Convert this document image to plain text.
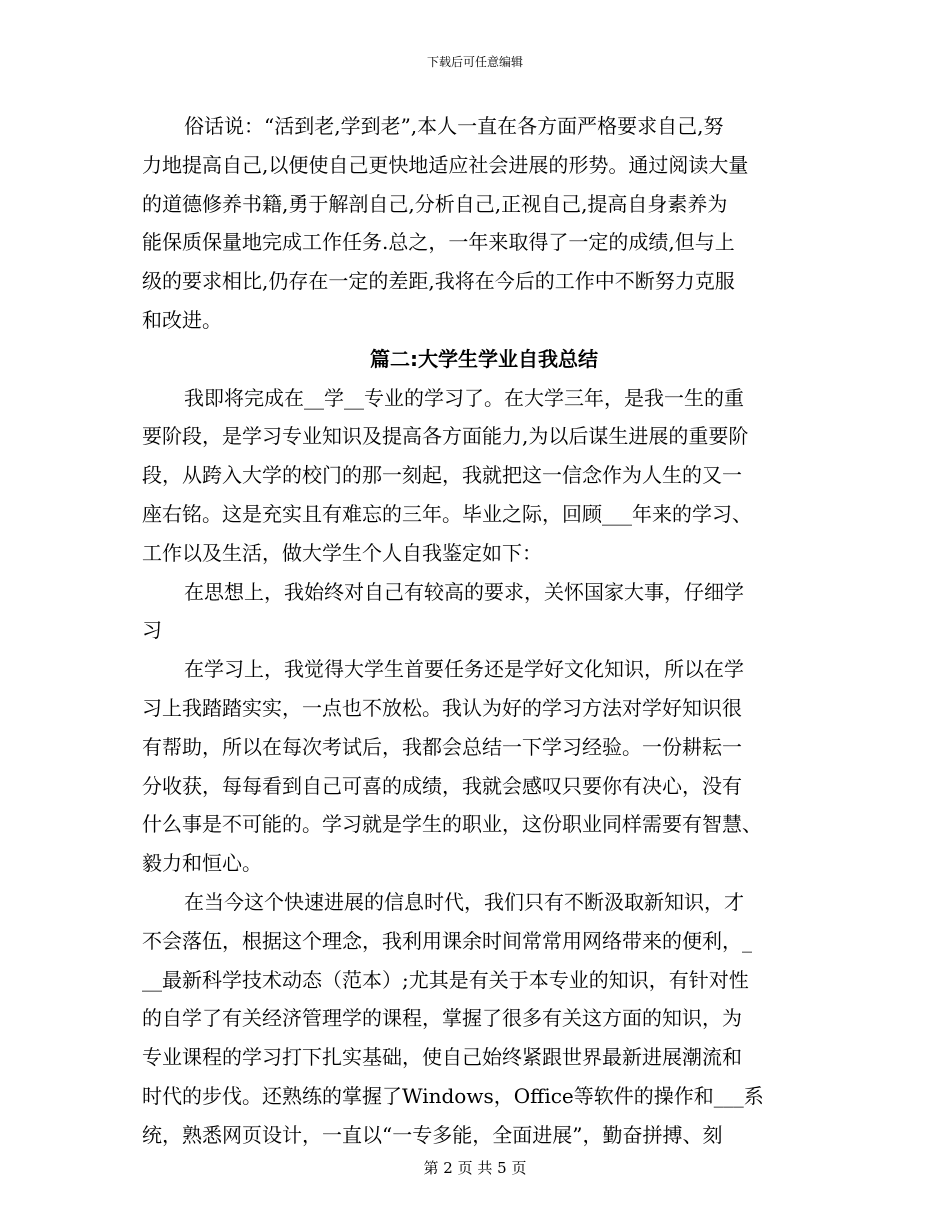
下载后可任意编辑
俗话说：“活到老,学到老”,本人一直在各方面严格要求自己,努
力地提高自己,以便使自己更快地适应社会进展的形势。通过阅读大量
的道德修养书籍,勇于解剖自己,分析自己,正视自己,提高自身素养为
能保质保量地完成工作任务.总之，一年来取得了一定的成绩,但与上
级的要求相比,仍存在一定的差距,我将在今后的工作中不断努力克服
和改进。
篇二:大学生学业自我总结
我即将完成在__学__专业的学习了。在大学三年，是我一生的重
要阶段，是学习专业知识及提高各方面能力,为以后谋生进展的重要阶
段，从跨入大学的校门的那一刻起，我就把这一信念作为人生的又一
座右铭。这是充实且有难忘的三年。毕业之际，回顾___年来的学习、
工作以及生活，做大学生个人自我鉴定如下：
在思想上，我始终对自己有较高的要求，关怀国家大事，仔细学
习
在学习上，我觉得大学生首要任务还是学好文化知识，所以在学
习上我踏踏实实，一点也不放松。我认为好的学习方法对学好知识很
有帮助，所以在每次考试后，我都会总结一下学习经验。一份耕耘一
分收获，每每看到自己可喜的成绩，我就会感叹只要你有决心，没有
什么事是不可能的。学习就是学生的职业，这份职业同样需要有智慧、
毅力和恒心。
在当今这个快速进展的信息时代，我们只有不断汲取新知识，才
不会落伍，根据这个理念，我利用课余时间常常用网络带来的便利，_
__最新科学技术动态（范本）;尤其是有关于本专业的知识，有针对性
的自学了有关经济管理学的课程，掌握了很多有关这方面的知识，为
专业课程的学习打下扎实基础，使自己始终紧跟世界最新进展潮流和
时代的步伐。还熟练的掌握了Windows，Office等软件的操作和___系
统，熟悉网页设计，一直以“一专多能，全面进展”，勤奋拼搏、刻
第 2 页 共 5 页
